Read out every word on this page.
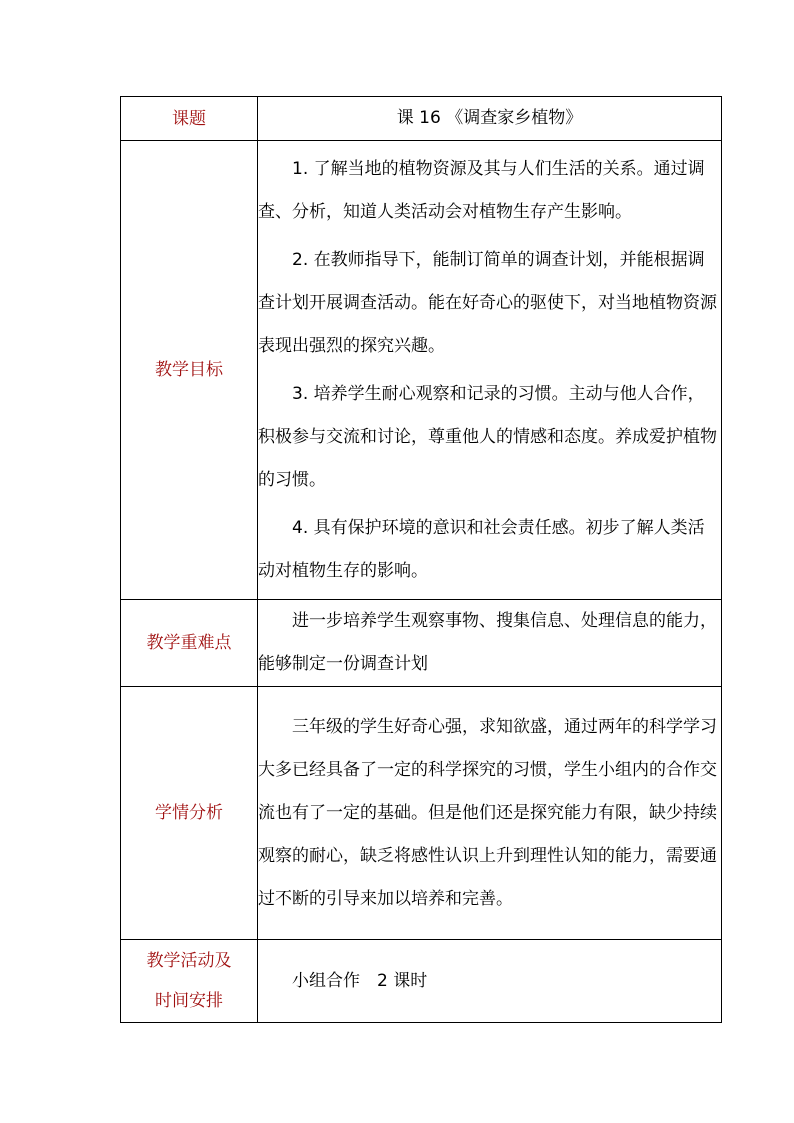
课题	课 16 《调查家乡植物》
教学目标	1. 了解当地的植物资源及其与人们生活的关系。通过调查、分析，知道人类活动会对植物生存产生影响。

2. 在教师指导下，能制订简单的调查计划，并能根据调查计划开展调查活动。能在好奇心的驱使下，对当地植物资源表现出强烈的探究兴趣。

3. 培养学生耐心观察和记录的习惯。主动与他人合作，积极参与交流和讨论，尊重他人的情感和态度。养成爱护植物的习惯。

4. 具有保护环境的意识和社会责任感。初步了解人类活动对植物生存的影响。

教学重难点	进一步培养学生观察事物、搜集信息、处理信息的能力，能够制定一份调查计划

学情分析	三年级的学生好奇心强，求知欲盛，通过两年的科学学习大多已经具备了一定的科学探究的习惯，学生小组内的合作交流也有了一定的基础。但是他们还是探究能力有限，缺少持续观察的耐心，缺乏将感性认识上升到理性认知的能力，需要通过不断的引导来加以培养和完善。

教学活动及
时间安排	小组合作　2 课时
